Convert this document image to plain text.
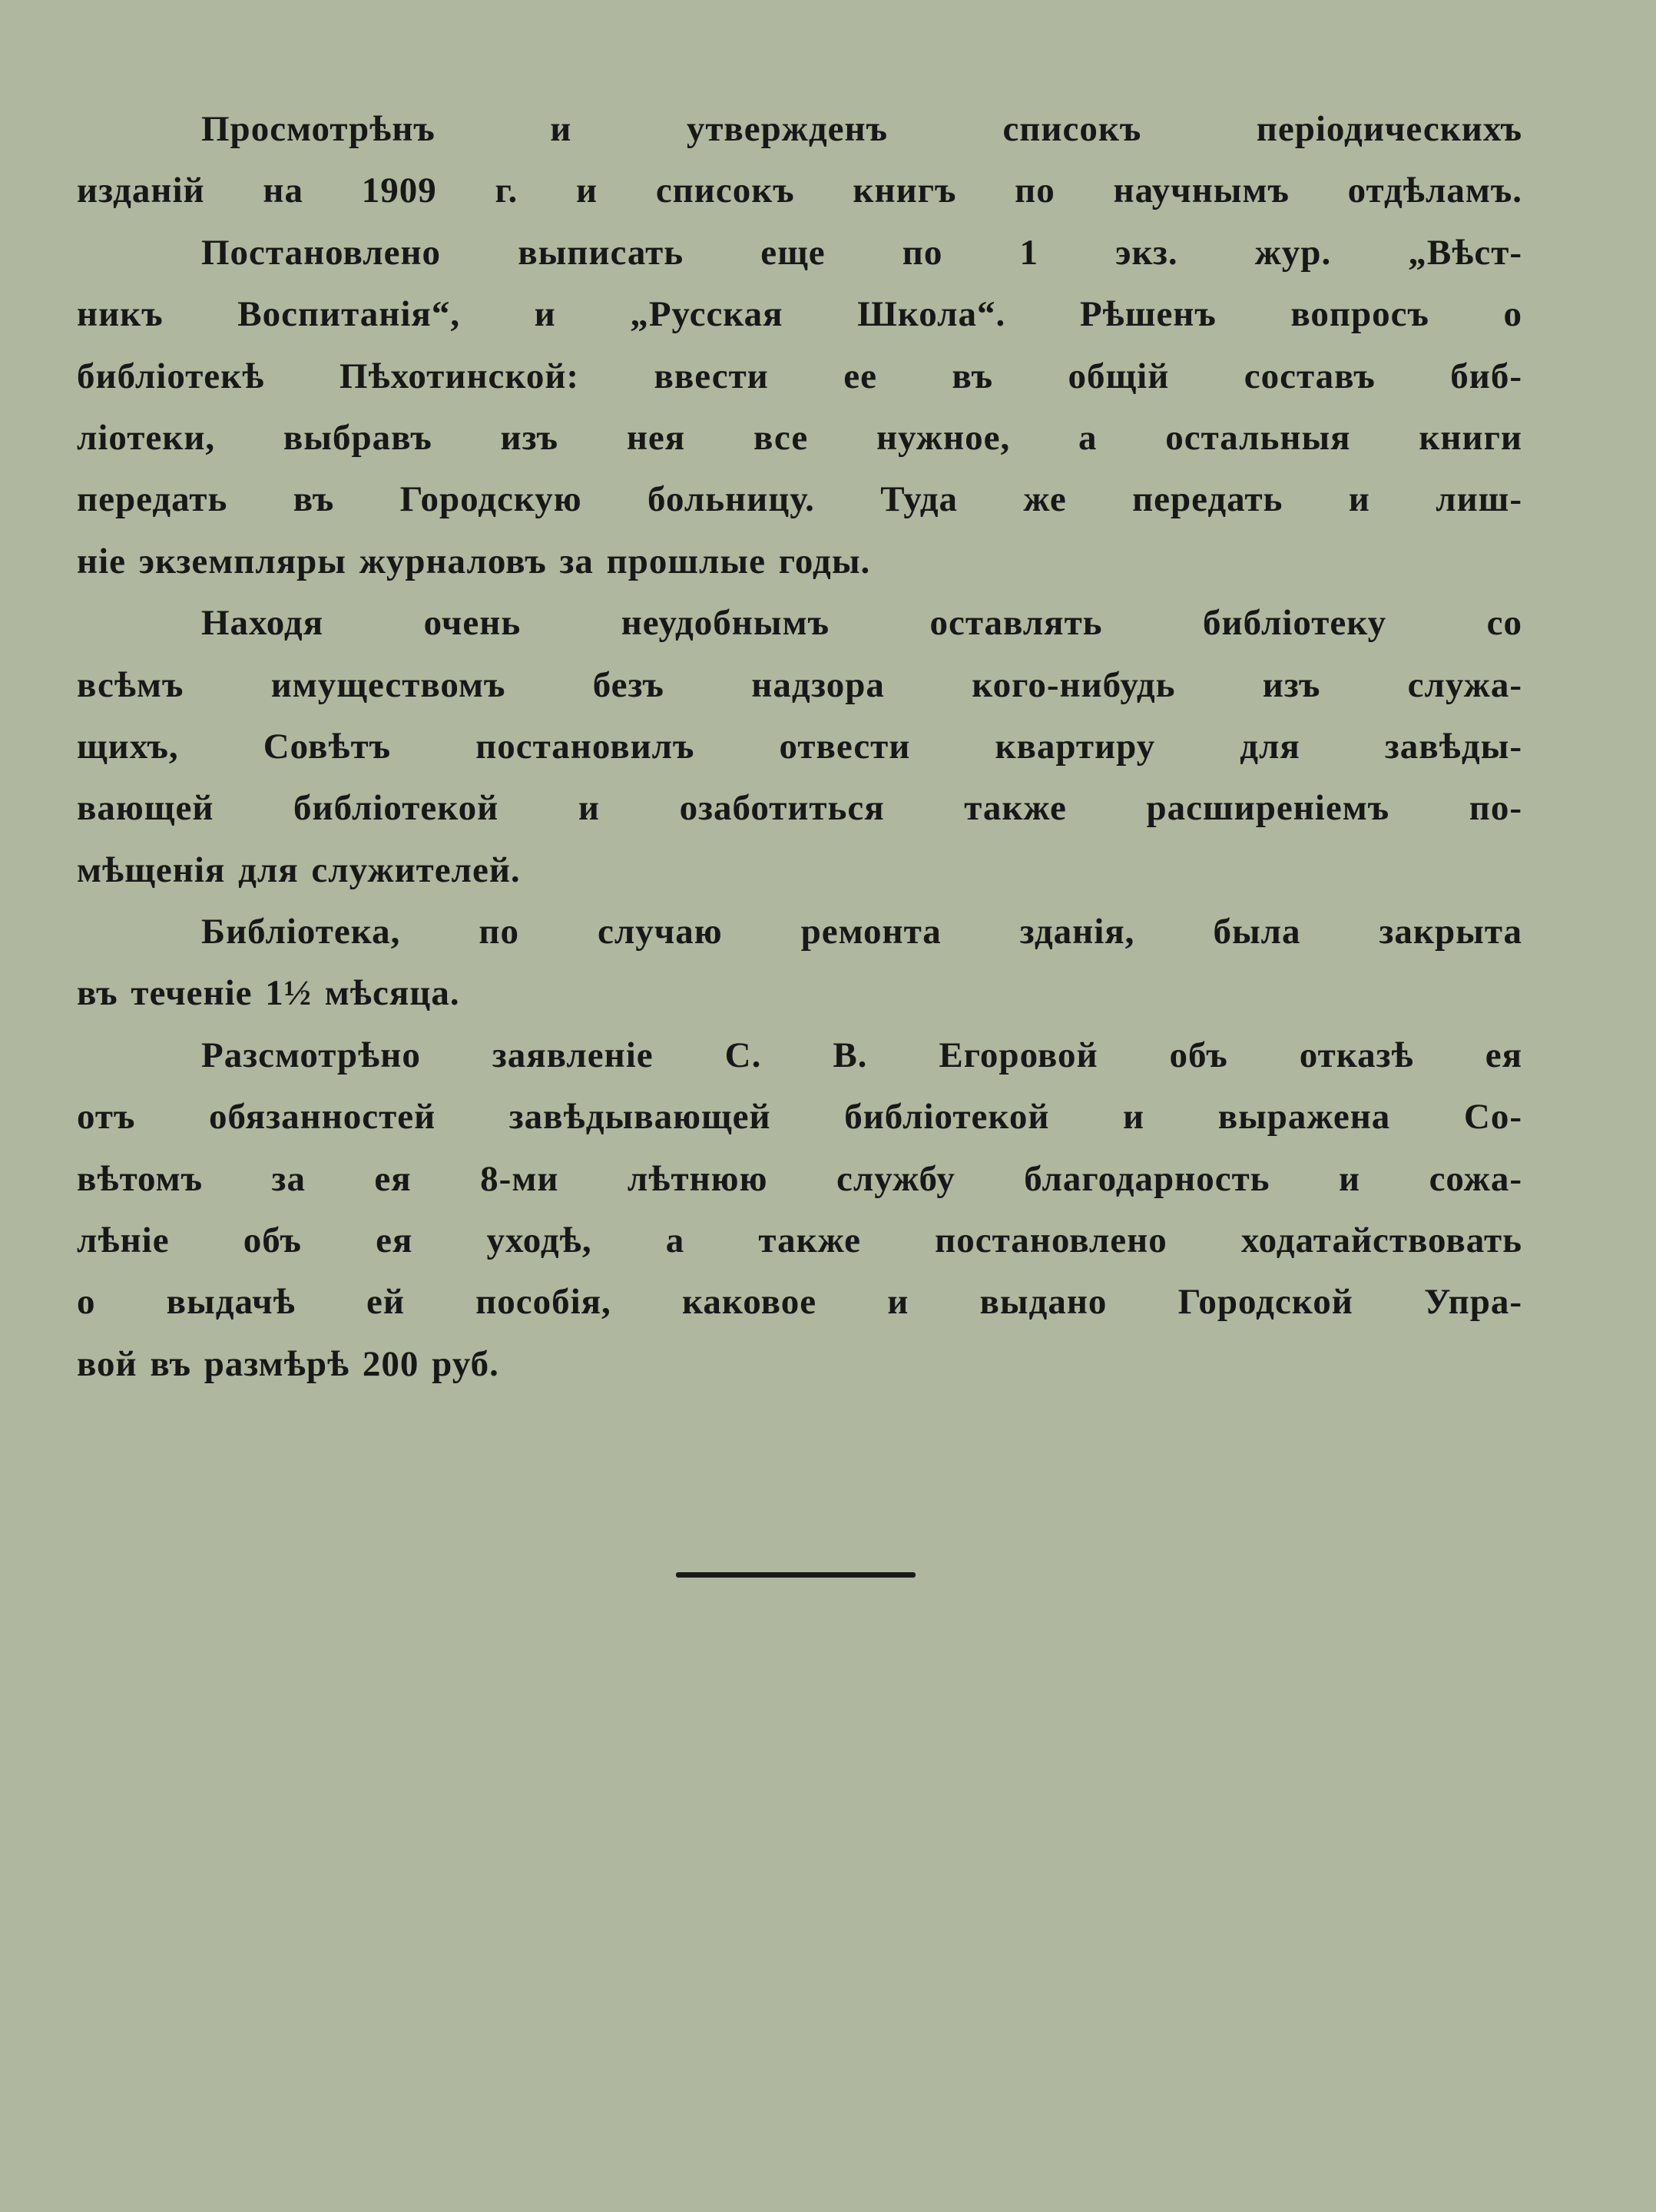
Просмотрѣнъ и утвержденъ списокъ періодическихъ
изданій на 1909 г. и списокъ книгъ по научнымъ отдѣламъ.
Постановлено выписать еще по 1 экз. жур. „Вѣст-
никъ Воспитанія“, и „Русская Школа“. Рѣшенъ вопросъ о
библіотекѣ Пѣхотинской: ввести ее въ общій составъ биб-
ліотеки, выбравъ изъ нея все нужное, а остальныя книги
передать въ Городскую больницу. Туда же передать и лиш-
ніе экземпляры журналовъ за прошлые годы.
Находя очень неудобнымъ оставлять библіотеку со
всѣмъ имуществомъ безъ надзора кого-нибудь изъ служа-
щихъ, Совѣтъ постановилъ отвести квартиру для завѣды-
вающей библіотекой и озаботиться также расширеніемъ по-
мѣщенія для служителей.
Библіотека, по случаю ремонта зданія, была закрыта
въ теченіе 1½ мѣсяца.
Разсмотрѣно заявленіе С. В. Егоровой объ отказѣ ея
отъ обязанностей завѣдывающей библіотекой и выражена Со-
вѣтомъ за ея 8-ми лѣтнюю службу благодарность и сожа-
лѣніе объ ея уходѣ, а также постановлено ходатайствовать
о выдачѣ ей пособія, каковое и выдано Городской Упра-
вой въ размѣрѣ 200 руб.
